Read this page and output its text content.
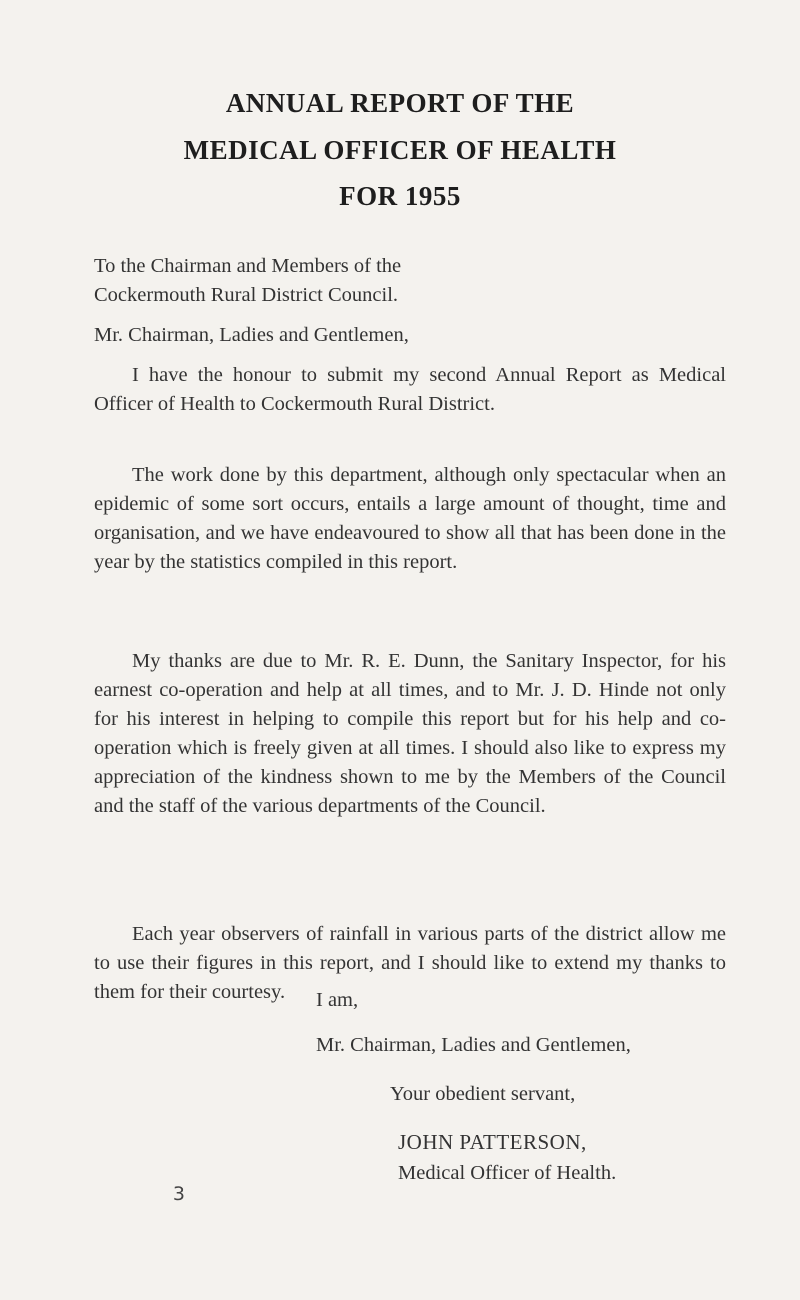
ANNUAL REPORT OF THE
MEDICAL OFFICER OF HEALTH
FOR 1955
To the Chairman and Members of the
Cockermouth Rural District Council.

Mr. Chairman, Ladies and Gentlemen,

I have the honour to submit my second Annual Report as Medical Officer of Health to Cockermouth Rural District.

The work done by this department, although only spectacular when an epidemic of some sort occurs, entails a large amount of thought, time and organisation, and we have endeavoured to show all that has been done in the year by the statistics compiled in this report.

My thanks are due to Mr. R. E. Dunn, the Sanitary Inspector, for his earnest co-operation and help at all times, and to Mr. J. D. Hinde not only for his interest in helping to compile this report but for his help and co-operation which is freely given at all times. I should also like to express my appreciation of the kindness shown to me by the Members of the Council and the staff of the various departments of the Council.

Each year observers of rainfall in various parts of the district allow me to use their figures in this report, and I should like to extend my thanks to them for their courtesy.	I am,

Mr. Chairman, Ladies and Gentlemen,

Your obedient servant,

JOHN PATTERSON,

Medical Officer of Health.

3
